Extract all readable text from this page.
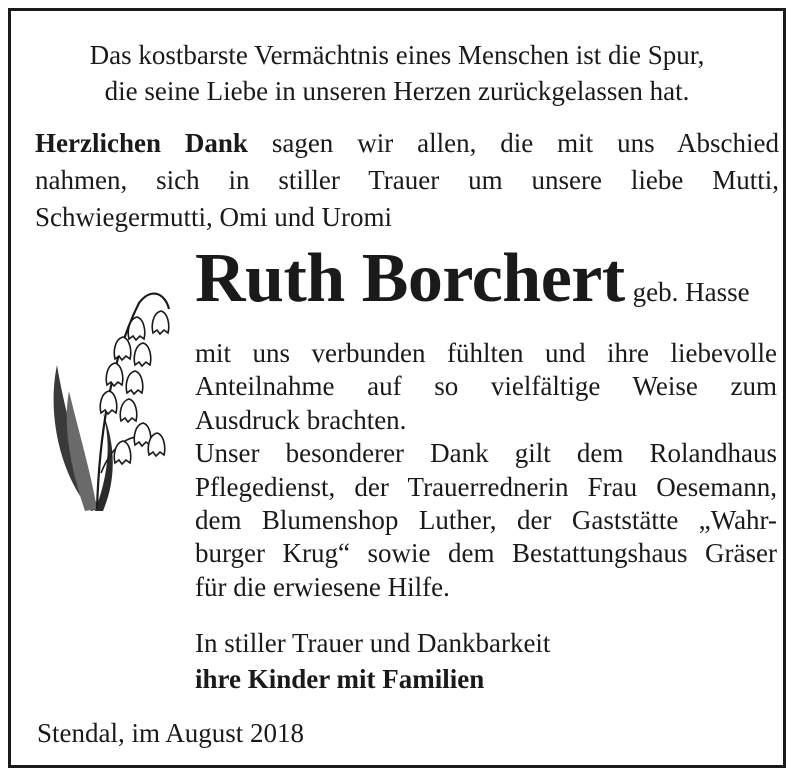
Das kostbarste Vermächtnis eines Menschen ist die Spur,
die seine Liebe in unseren Herzen zurückgelassen hat.
Herzlichen Dank sagen wir allen, die mit uns Abschied
nahmen, sich in stiller Trauer um unsere liebe Mutti,
Schwiegermutti, Omi und Uromi
Ruth Borchert geb. Hasse
mit uns verbunden fühlten und ihre liebevolle
Anteilnahme auf so vielfältige Weise zum
Ausdruck brachten.
Unser besonderer Dank gilt dem Rolandhaus
Pflegedienst, der Trauerrednerin Frau Oesemann,
dem Blumenshop Luther, der Gaststätte „Wahr-
burger Krug“ sowie dem Bestattungshaus Gräser
für die erwiesene Hilfe.
In stiller Trauer und Dankbarkeit
ihre Kinder mit Familien
Stendal, im August 2018
